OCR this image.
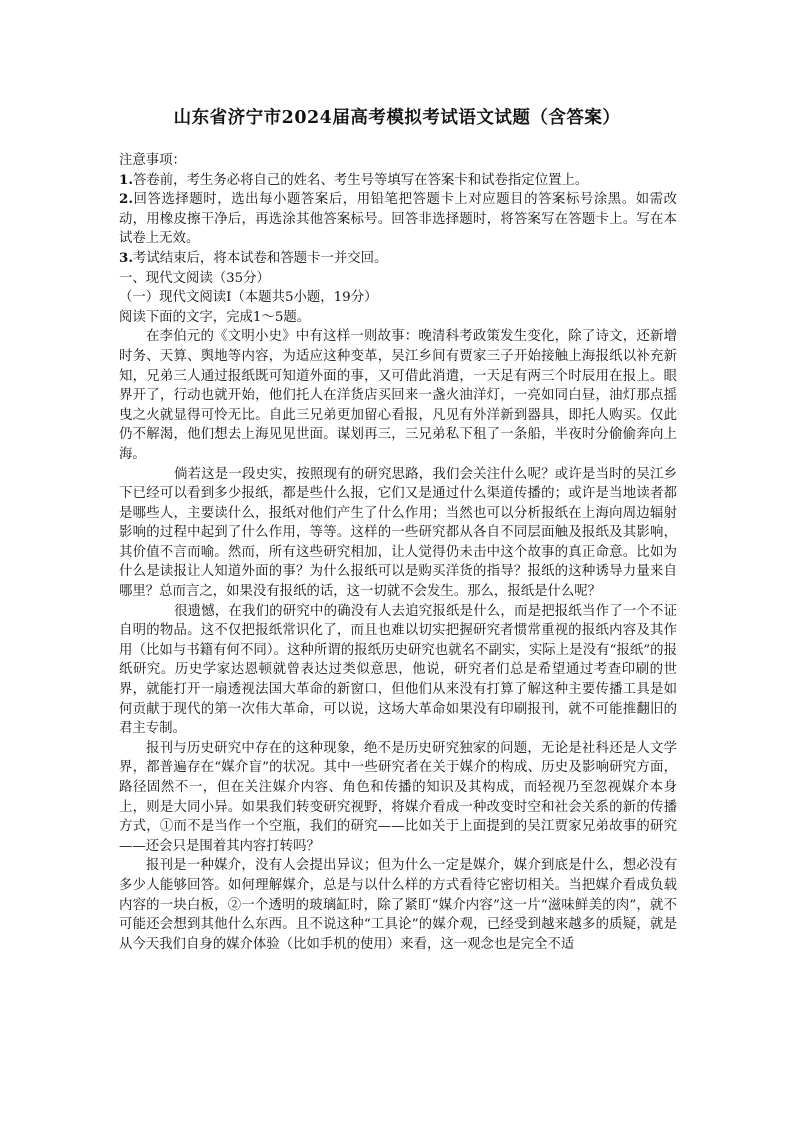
山东省济宁市2024届高考模拟考试语文试题（含答案）

注意事项：

1.答卷前，考生务必将自己的姓名、考生号等填写在答案卡和试卷指定位置上。

2.回答选择题时，选出每小题答案后，用铅笔把答题卡上对应题目的答案标号涂黑。如需改动，用橡皮擦干净后，再选涂其他答案标号。回答非选择题时，将答案写在答题卡上。写在本试卷上无效。

3.考试结束后，将本试卷和答题卡一并交回。

一、现代文阅读（35分）

（一）现代文阅读Ⅰ（本题共5小题，19分）

阅读下面的文字，完成1～5题。

在李伯元的《文明小史》中有这样一则故事：晚清科考政策发生变化，除了诗文，还新增时务、天算、舆地等内容，为适应这种变革，吴江乡间有贾家三子开始接触上海报纸以补充新知，兄弟三人通过报纸既可知道外面的事，又可借此消遣，一天足有两三个时辰用在报上。眼界开了，行动也就开始，他们托人在洋货店买回来一盏火油洋灯，一亮如同白昼，油灯那点摇曳之火就显得可怜无比。自此三兄弟更加留心看报，凡见有外洋新到器具，即托人购买。仅此仍不解渴，他们想去上海见见世面。谋划再三，三兄弟私下租了一条船，半夜时分偷偷奔向上海。

倘若这是一段史实，按照现有的研究思路，我们会关注什么呢？或许是当时的吴江乡下已经可以看到多少报纸，都是些什么报，它们又是通过什么渠道传播的；或许是当地读者都是哪些人，主要读什么，报纸对他们产生了什么作用；当然也可以分析报纸在上海向周边辐射影响的过程中起到了什么作用，等等。这样的一些研究都从各自不同层面触及报纸及其影响，其价值不言而喻。然而，所有这些研究相加，让人觉得仍未击中这个故事的真正命意。比如为什么是读报让人知道外面的事？为什么报纸可以是购买洋货的指导？报纸的这种诱导力量来自哪里？总而言之，如果没有报纸的话，这一切就不会发生。那么，报纸是什么呢？

很遗憾，在我们的研究中的确没有人去追究报纸是什么，而是把报纸当作了一个不证自明的物品。这不仅把报纸常识化了，而且也难以切实把握研究者惯常重视的报纸内容及其作用（比如与书籍有何不同）。这种所谓的报纸历史研究也就名不副实，实际上是没有“报纸”的报纸研究。历史学家达恩顿就曾表达过类似意思，他说，研究者们总是希望通过考查印刷的世界，就能打开一扇透视法国大革命的新窗口，但他们从来没有打算了解这种主要传播工具是如何贡献于现代的第一次伟大革命，可以说，这场大革命如果没有印刷报刊，就不可能推翻旧的君主专制。

报刊与历史研究中存在的这种现象，绝不是历史研究独家的问题，无论是社科还是人文学界，都普遍存在“媒介盲”的状况。其中一些研究者在关于媒介的构成、历史及影响研究方面，路径固然不一，但在关注媒介内容、角色和传播的知识及其构成，而轻视乃至忽视媒介本身上，则是大同小异。如果我们转变研究视野，将媒介看成一种改变时空和社会关系的新的传播方式，①而不是当作一个空瓶，我们的研究——比如关于上面提到的吴江贾家兄弟故事的研究——还会只是围着其内容打转吗？

报刊是一种媒介，没有人会提出异议；但为什么一定是媒介，媒介到底是什么，想必没有多少人能够回答。如何理解媒介，总是与以什么样的方式看待它密切相关。当把媒介看成负载内容的一块白板，②一个透明的玻璃缸时，除了紧盯“媒介内容”这一片“滋味鲜美的肉”，就不可能还会想到其他什么东西。且不说这种“工具论”的媒介观，已经受到越来越多的质疑，就是从今天我们自身的媒介体验（比如手机的使用）来看，这一观念也是完全不适
